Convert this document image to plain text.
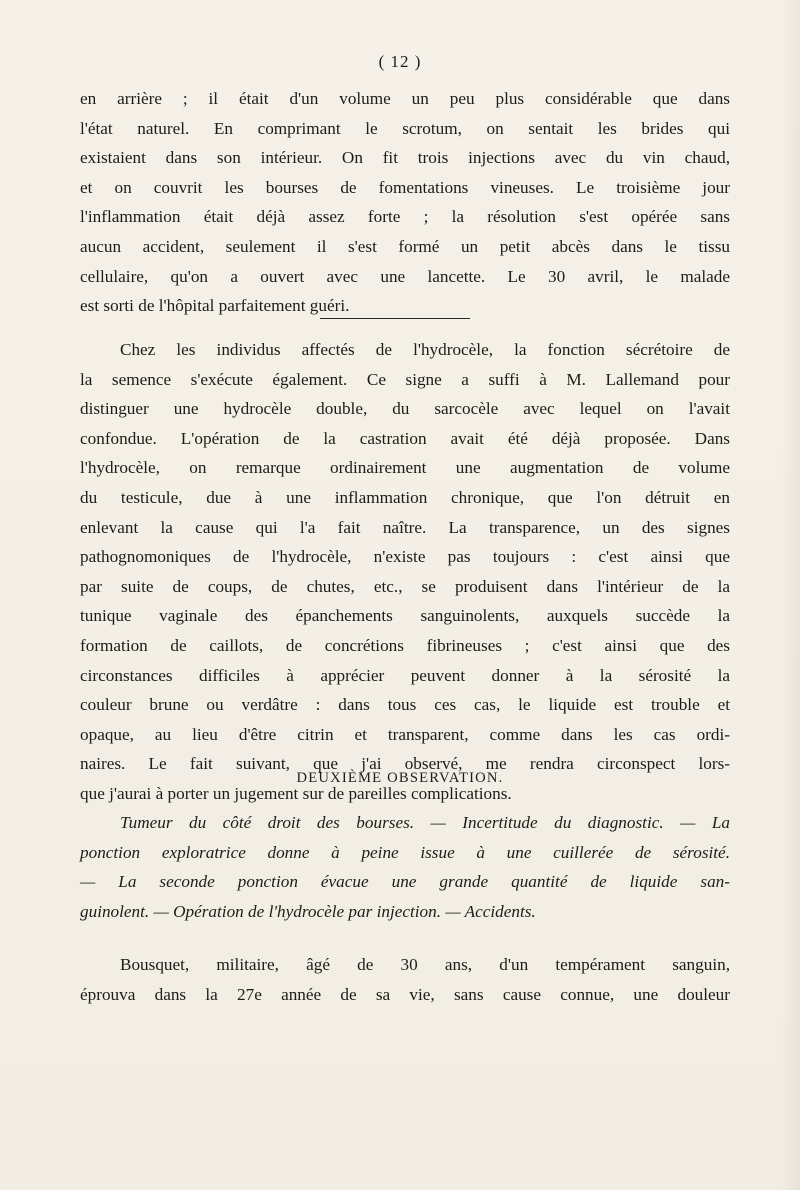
( 12 )
en arrière ; il était d'un volume un peu plus considérable que dans
l'état naturel. En comprimant le scrotum, on sentait les brides qui
existaient dans son intérieur. On fit trois injections avec du vin chaud,
et on couvrit les bourses de fomentations vineuses. Le troisième jour
l'inflammation était déjà assez forte ; la résolution s'est opérée sans
aucun accident, seulement il s'est formé un petit abcès dans le tissu
cellulaire, qu'on a ouvert avec une lancette. Le 30 avril, le malade
est sorti de l'hôpital parfaitement guéri.
Chez les individus affectés de l'hydrocèle, la fonction sécrétoire de
la semence s'exécute également. Ce signe a suffi à M. Lallemand pour
distinguer une hydrocèle double, du sarcocèle avec lequel on l'avait
confondue. L'opération de la castration avait été déjà proposée. Dans
l'hydrocèle, on remarque ordinairement une augmentation de volume
du testicule, due à une inflammation chronique, que l'on détruit en
enlevant la cause qui l'a fait naître. La transparence, un des signes
pathognomoniques de l'hydrocèle, n'existe pas toujours : c'est ainsi que
par suite de coups, de chutes, etc., se produisent dans l'intérieur de la
tunique vaginale des épanchements sanguinolents, auxquels succède la
formation de caillots, de concrétions fibrineuses ; c'est ainsi que des
circonstances difficiles à apprécier peuvent donner à la sérosité la
couleur brune ou verdâtre : dans tous ces cas, le liquide est trouble et
opaque, au lieu d'être citrin et transparent, comme dans les cas ordi-
naires. Le fait suivant, que j'ai observé, me rendra circonspect lors-
que j'aurai à porter un jugement sur de pareilles complications.
DEUXIÈME OBSERVATION.
Tumeur du côté droit des bourses. — Incertitude du diagnostic. — La
ponction exploratrice donne à peine issue à une cuillerée de sérosité.
— La seconde ponction évacue une grande quantité de liquide san-
guinolent. — Opération de l'hydrocèle par injection. — Accidents.
Bousquet, militaire, âgé de 30 ans, d'un tempérament sanguin,
éprouva dans la 27e année de sa vie, sans cause connue, une douleur
